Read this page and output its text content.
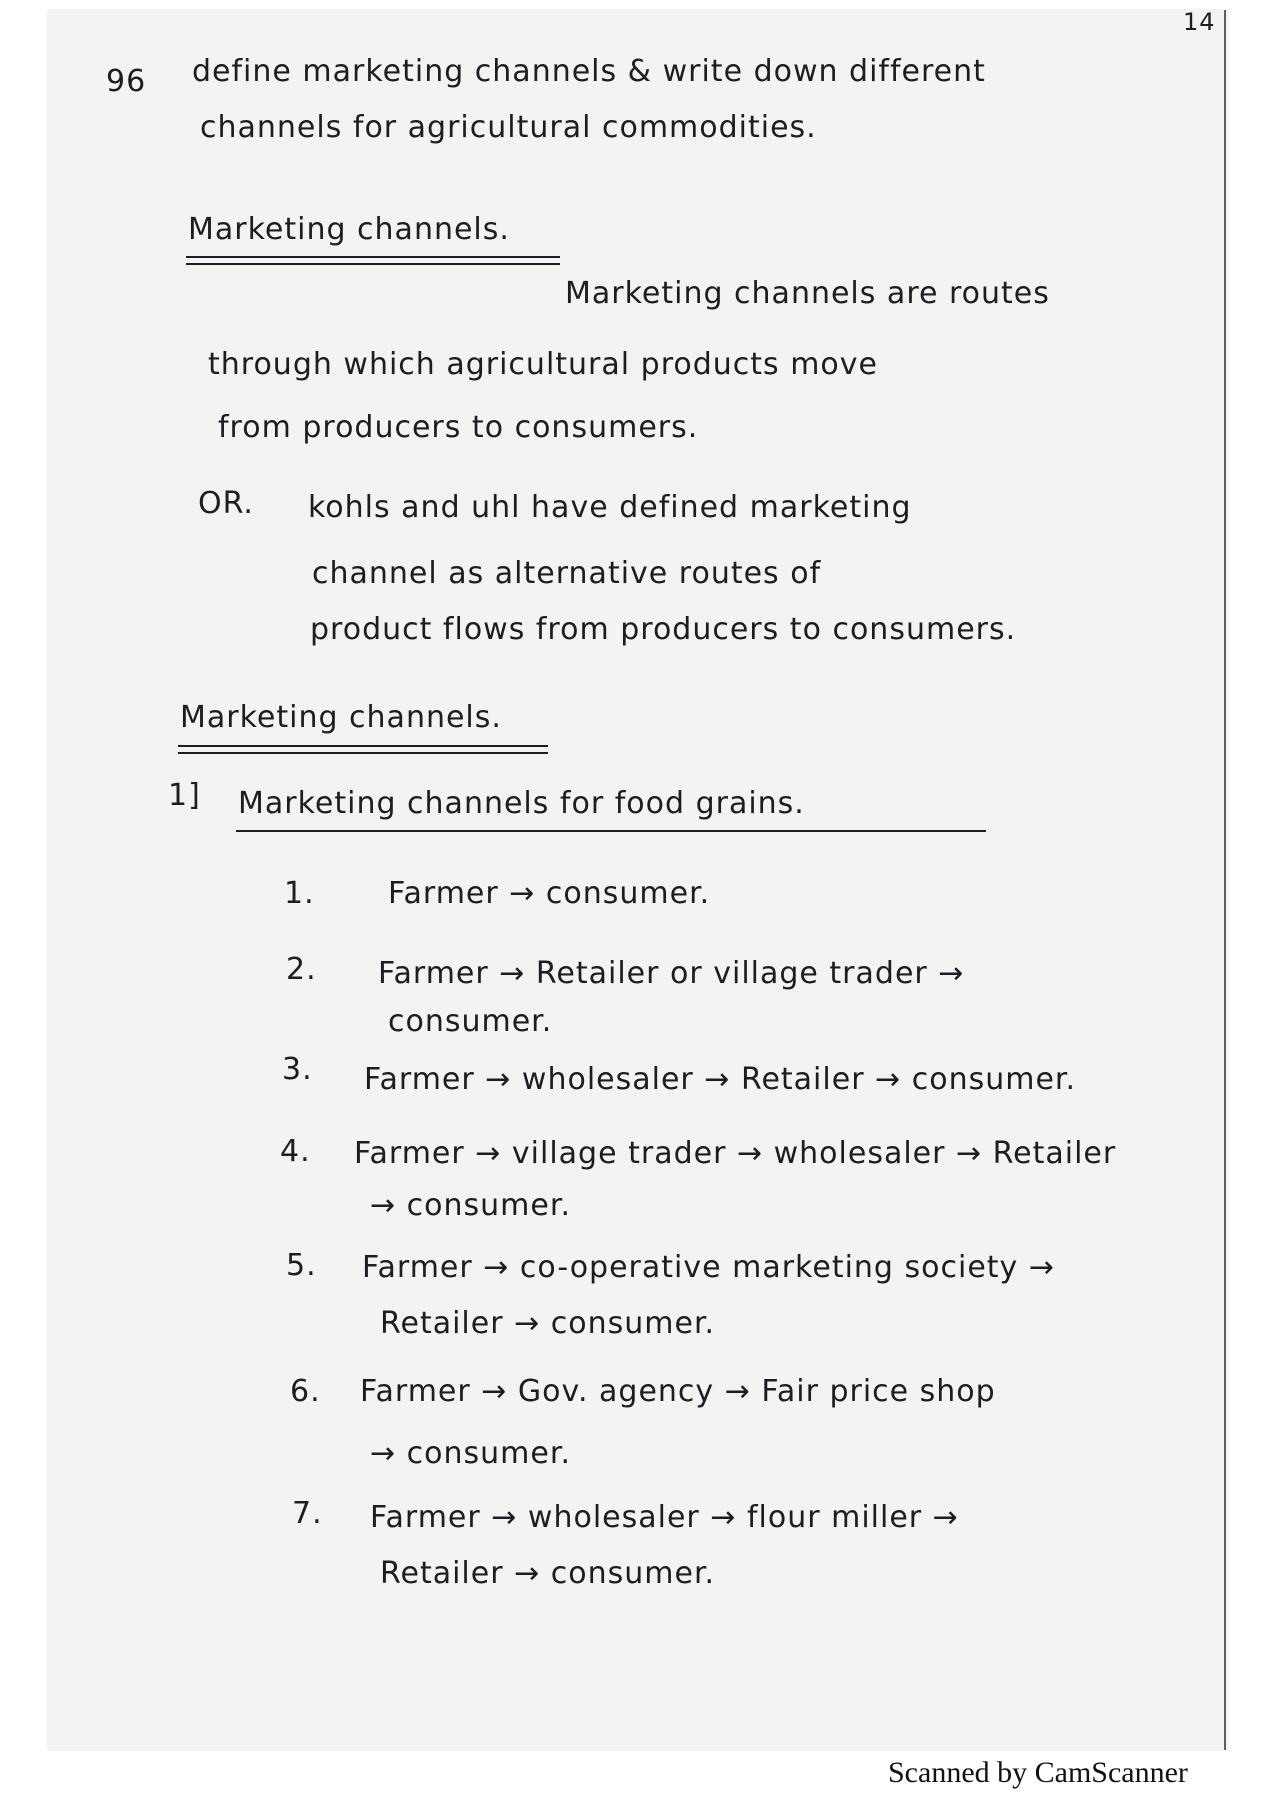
14
96 define marketing channels & write down different
channels for agricultural commodities.
Marketing channels.
Marketing channels are routes
through which agricultural products move
from producers to consumers.
OR. kohls and uhl have defined marketing
channel as alternative routes of
product flows from producers to consumers.
Marketing channels.
1] Marketing channels for food grains.
1. Farmer → consumer.
2. Farmer → Retailer or village trader →
consumer.
3. Farmer → wholesaler → Retailer → consumer.
4. Farmer → village trader → wholesaler → Retailer
→ consumer.
5. Farmer → co-operative marketing society →
Retailer → consumer.
6. Farmer → Gov. agency → Fair price shop
→ consumer.
7. Farmer → wholesaler → flour miller →
Retailer → consumer.
Scanned by CamScanner
